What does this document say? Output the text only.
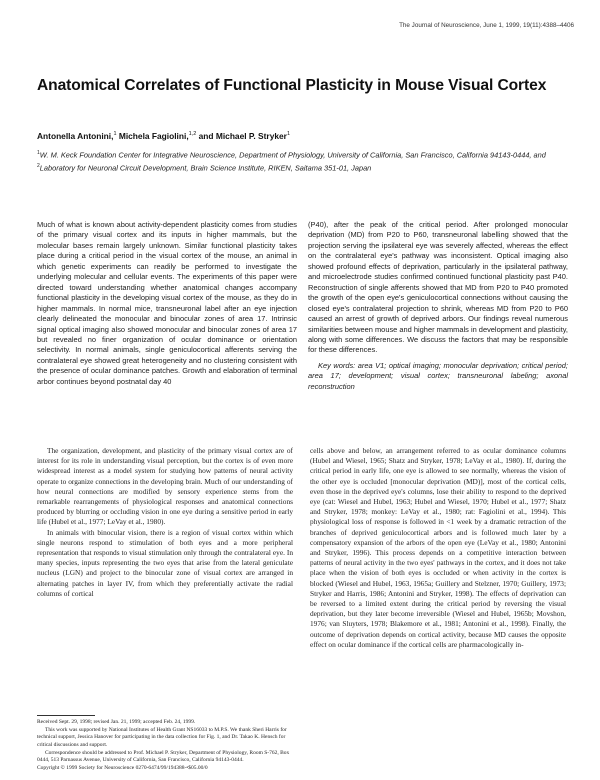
The Journal of Neuroscience, June 1, 1999, 19(11):4388–4406
Anatomical Correlates of Functional Plasticity in Mouse Visual Cortex
Antonella Antonini,$^1$ Michela Fagiolini,$^{1,2}$ and Michael P. Stryker$^1$
$^1$W. M. Keck Foundation Center for Integrative Neuroscience, Department of Physiology, University of California, San Francisco, California 94143-0444, and $^2$Laboratory for Neuronal Circuit Development, Brain Science Institute, RIKEN, Saitama 351-01, Japan

Much of what is known about activity-dependent plasticity comes from studies of the primary visual cortex and its inputs in higher mammals, but the molecular bases remain largely unknown. Similar functional plasticity takes place during a critical period in the visual cortex of the mouse, an animal in which genetic experiments can readily be performed to investigate the underlying molecular and cellular events. The experiments of this paper were directed toward understanding whether anatomical changes accompany functional plasticity in the developing visual cortex of the mouse, as they do in higher mammals. In normal mice, transneuronal label after an eye injection clearly delineated the monocular and binocular zones of area 17. Intrinsic signal optical imaging also showed monocular and binocular zones of area 17 but revealed no finer organization of ocular dominance or orientation selectivity. In normal animals, single geniculocortical afferents serving the contralateral eye showed great heterogeneity and no clustering consistent with the presence of ocular dominance patches. Growth and elaboration of terminal arbor continues beyond postnatal day 40

(P40), after the peak of the critical period. After prolonged monocular deprivation (MD) from P20 to P60, transneuronal labelling showed that the projection serving the ipsilateral eye was severely affected, whereas the effect on the contralateral eye's pathway was inconsistent. Optical imaging also showed profound effects of deprivation, particularly in the ipsilateral pathway, and microelectrode studies confirmed continued functional plasticity past P40. Reconstruction of single afferents showed that MD from P20 to P40 promoted the growth of the open eye's geniculocortical connections without causing the closed eye's contralateral projection to shrink, whereas MD from P20 to P60 caused an arrest of growth of deprived arbors. Our findings reveal numerous similarities between mouse and higher mammals in development and plasticity, along with some differences. We discuss the factors that may be responsible for these differences.

Key words: area V1; optical imaging; monocular deprivation; critical period; area 17; development; visual cortex; transneuronal labeling; axonal reconstruction

The organization, development, and plasticity of the primary visual cortex are of interest for its role in understanding visual perception, but the cortex is of even more widespread interest as a model system for studying how patterns of neural activity operate to organize connections in the developing brain. Much of our understanding of how neural connections are modified by sensory experience stems from the remarkable rearrangements of physiological responses and anatomical connections produced by blurring or occluding vision in one eye during a sensitive period in early life (Hubel et al., 1977; LeVay et al., 1980).

In animals with binocular vision, there is a region of visual cortex within which single neurons respond to stimulation of both eyes and a more peripheral representation that responds to visual stimulation only through the contralateral eye. In many species, inputs representing the two eyes that arise from the lateral geniculate nucleus (LGN) and project to the binocular zone of visual cortex are arranged in alternating patches in layer IV, from which they preferentially activate the radial columns of cortical

cells above and below, an arrangement referred to as ocular dominance columns (Hubel and Wiesel, 1965; Shatz and Stryker, 1978; LeVay et al., 1980). If, during the critical period in early life, one eye is allowed to see normally, whereas the vision of the other eye is occluded [monocular deprivation (MD)], most of the cortical cells, even those in the deprived eye's columns, lose their ability to respond to the deprived eye (cat: Wiesel and Hubel, 1963; Hubel and Wiesel, 1970; Hubel et al., 1977; Shatz and Stryker, 1978; monkey: LeVay et al., 1980; rat: Fagiolini et al., 1994). This physiological loss of response is followed in <1 week by a dramatic retraction of the branches of deprived geniculocortical arbors and is followed much later by a compensatory expansion of the arbors of the open eye (LeVay et al., 1980; Antonini and Stryker, 1996). This process depends on a competitive interaction between patterns of neural activity in the two eyes' pathways in the cortex, and it does not take place when the vision of both eyes is occluded or when activity in the cortex is blocked (Wiesel and Hubel, 1963, 1965a; Guillery and Stelzner, 1970; Guillery, 1973; Stryker and Harris, 1986; Antonini and Stryker, 1998). The effects of deprivation can be reversed to a limited extent during the critical period by reversing the visual deprivation, but they later become irreversible (Wiesel and Hubel, 1965b; Movshon, 1976; van Sluyters, 1978; Blakemore et al., 1981; Antonini et al., 1998). Finally, the outcome of deprivation depends on cortical activity, because MD causes the opposite effect on ocular dominance if the cortical cells are pharmacologically in-

Received Sept. 29, 1998; revised Jan. 21, 1999; accepted Feb. 24, 1999.

This work was supported by National Institutes of Health Grant NS16033 to M.P.S. We thank Sheri Harris for technical support, Jessica Hanover for participating in the data collection for Fig. 1, and Dr. Takao K. Hensch for critical discussions and support.

Correspondence should be addressed to Prof. Michael P. Stryker, Department of Physiology, Room S-762, Box 0444, 513 Parnassus Avenue, University of California, San Francisco, California 94143-0444.

Copyright © 1999 Society for Neuroscience 0270-6474/99/194388-•$05.00/0
